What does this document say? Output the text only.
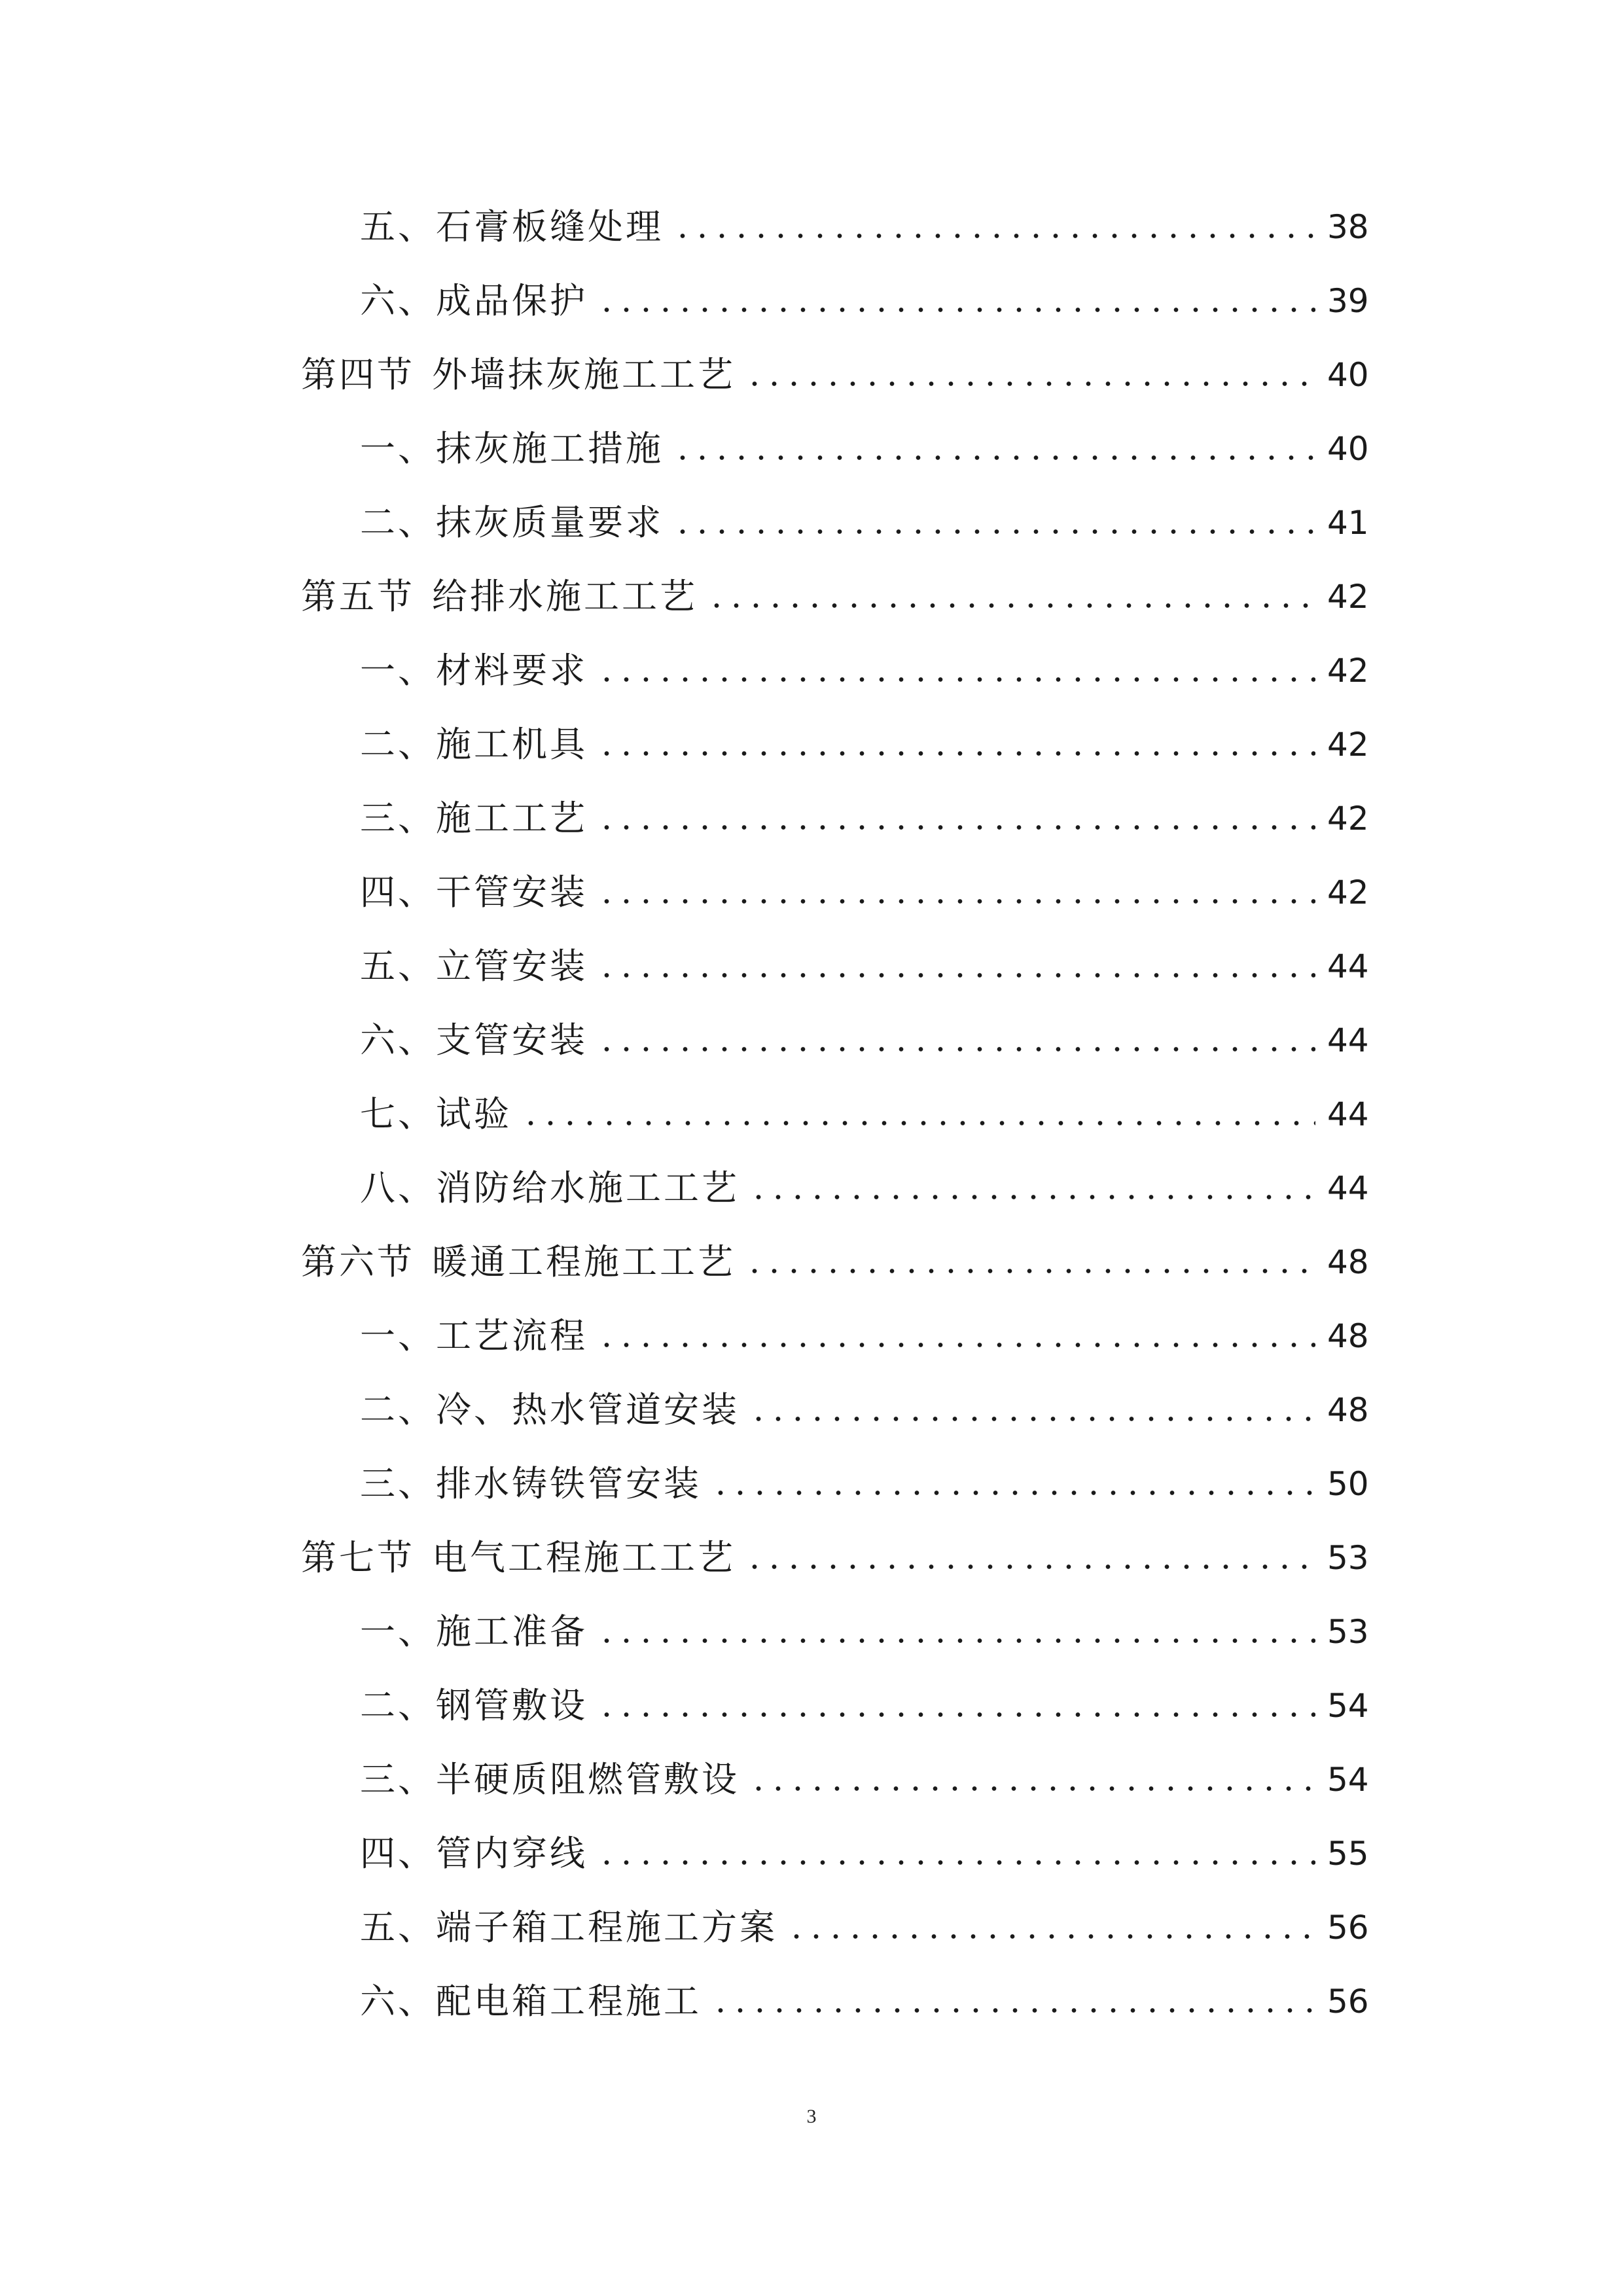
五、石膏板缝处理	38
六、成品保护	39
第四节 外墙抹灰施工工艺	40
一、抹灰施工措施	40
二、抹灰质量要求	41
第五节 给排水施工工艺	42
一、材料要求	42
二、施工机具	42
三、施工工艺	42
四、干管安装	42
五、立管安装	44
六、支管安装	44
七、试验	44
八、消防给水施工工艺	44
第六节 暖通工程施工工艺	48
一、工艺流程	48
二、冷、热水管道安装	48
三、排水铸铁管安装	50
第七节 电气工程施工工艺	53
一、施工准备	53
二、钢管敷设	54
三、半硬质阻燃管敷设	54
四、管内穿线	55
五、端子箱工程施工方案	56
六、配电箱工程施工	56
3
